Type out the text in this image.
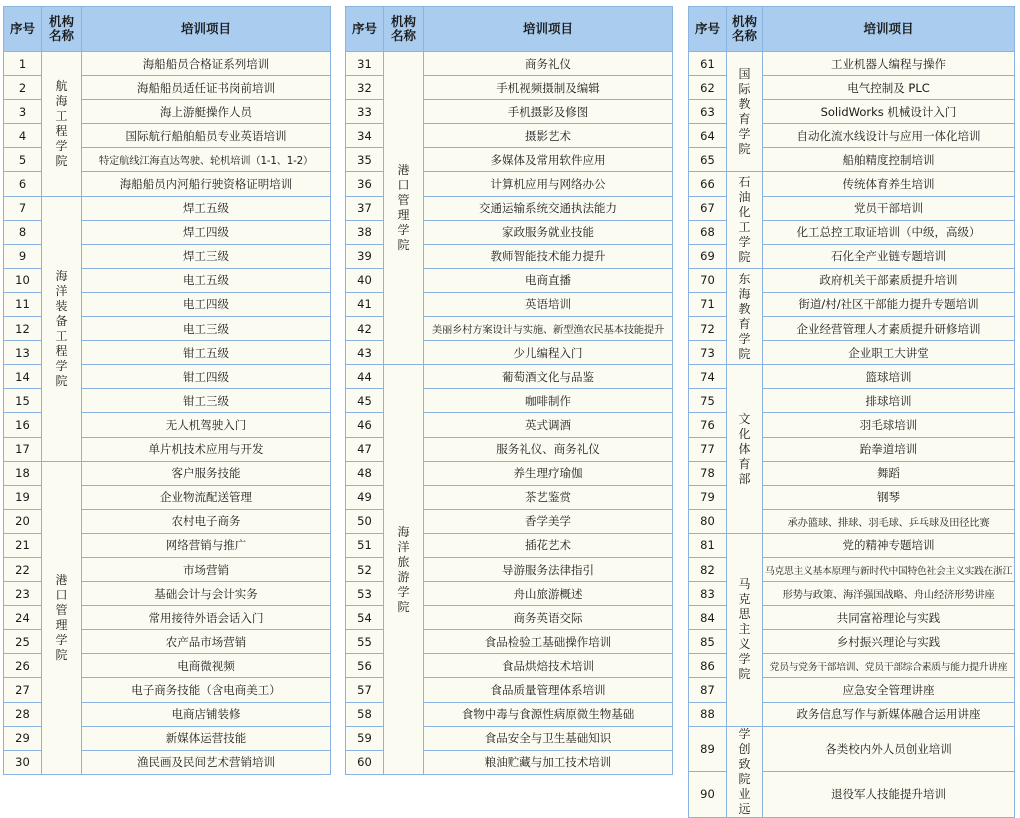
序号	机构名称	培训项目
1	航海工程学院	海船船员合格证系列培训
2		海船船员适任证书岗前培训
3		海上游艇操作人员
4		国际航行船舶船员专业英语培训
5		特定航线江海直达驾驶、轮机培训（1-1、1-2）
6		海船船员内河船行驶资格证明培训
7	海洋装备工程学院	焊工五级
8		焊工四级
9		焊工三级
10		电工五级
11		电工四级
12		电工三级
13		钳工五级
14		钳工四级
15		钳工三级
16		无人机驾驶入门
17		单片机技术应用与开发
18	港口管理学院	客户服务技能
19		企业物流配送管理
20		农村电子商务
21		网络营销与推广
22		市场营销
23		基础会计与会计实务
24		常用接待外语会话入门
25		农产品市场营销
26		电商微视频
27		电子商务技能（含电商美工）
28		电商店铺装修
29		新媒体运营技能
30		渔民画及民间艺术营销培训
序号	机构名称	培训项目
31	港口管理学院	商务礼仪
32		手机视频摄制及编辑
33		手机摄影及修图
34		摄影艺术
35		多媒体及常用软件应用
36		计算机应用与网络办公
37		交通运输系统交通执法能力
38		家政服务就业技能
39		教师智能技术能力提升
40		电商直播
41		英语培训
42		美丽乡村方案设计与实施、新型渔农民基本技能提升
43		少儿编程入门
44	海洋旅游学院	葡萄酒文化与品鉴
45		咖啡制作
46		英式调酒
47		服务礼仪、商务礼仪
48		养生理疗瑜伽
49		茶艺鉴赏
50		香学美学
51		插花艺术
52		导游服务法律指引
53		舟山旅游概述
54		商务英语交际
55		食品检验工基础操作培训
56		食品烘焙技术培训
57		食品质量管理体系培训
58		食物中毒与食源性病原微生物基础
59		食品安全与卫生基础知识
60		粮油贮藏与加工技术培训
序号	机构名称	培训项目
61	国际教育学院	工业机器人编程与操作
62		电气控制及 PLC
63		SolidWorks 机械设计入门
64		自动化流水线设计与应用一体化培训
65		船舶精度控制培训
66	石油化工学院	传统体育养生培训
67		党员干部培训
68		化工总控工取证培训（中级，高级）
69		石化全产业链专题培训
70	东海教育学院	政府机关干部素质提升培训
71		街道/村/社区干部能力提升专题培训
72		企业经营管理人才素质提升研修培训
73		企业职工大讲堂
74	文化体育部	篮球培训
75		排球培训
76		羽毛球培训
77		跆拳道培训
78		舞蹈
79		钢琴
80		承办篮球、排球、羽毛球、乒乓球及田径比赛
81	马克思主义学院	党的精神专题培训
82		马克思主义基本原理与新时代中国特色社会主义实践在浙江
83		形势与政策、海洋强国战略、舟山经济形势讲座
84		共同富裕理论与实践
85		乡村振兴理论与实践
86		党员与党务干部培训、党员干部综合素质与能力提升讲座
87		应急安全管理讲座
88		政务信息写作与新媒体融合运用讲座
89	学创致院业远	各类校内外人员创业培训
90		退役军人技能提升培训
